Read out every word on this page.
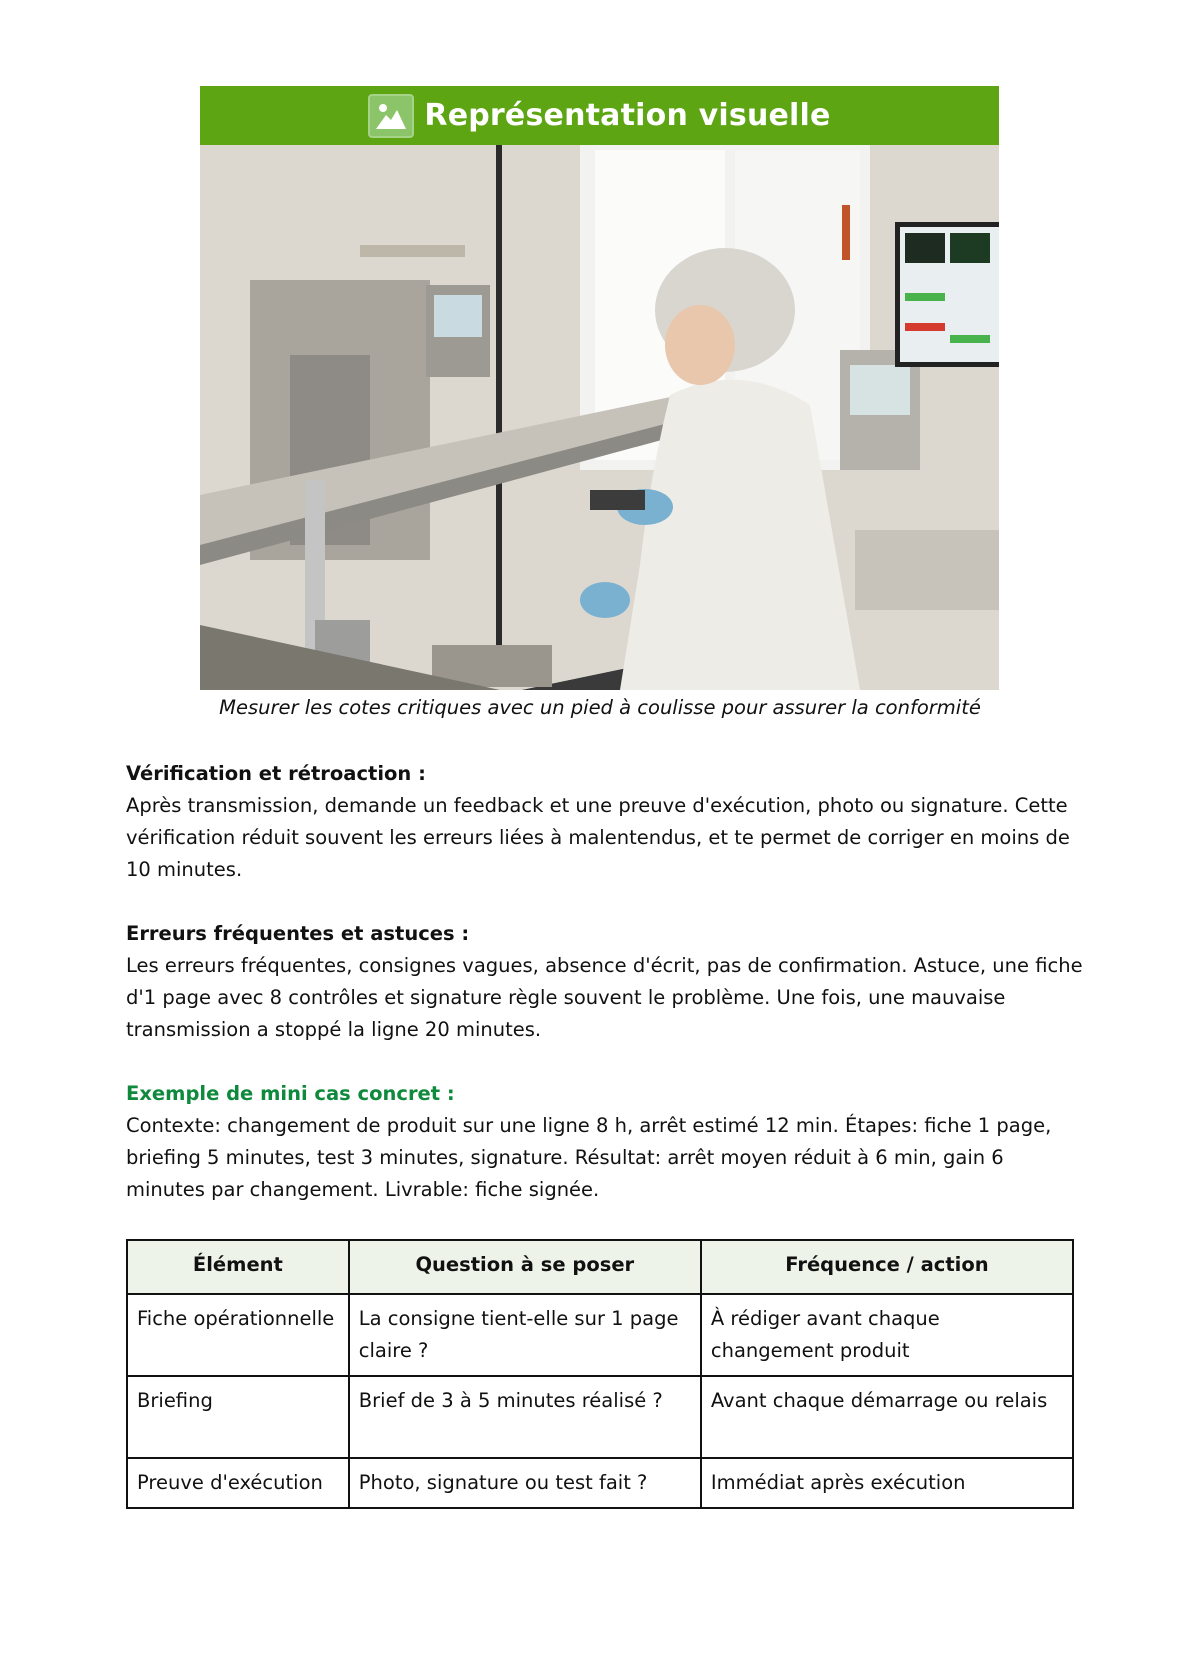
Représentation visuelle
Mesurer les cotes critiques avec un pied à coulisse pour assurer la conformité
Vérification et rétroaction :
Après transmission, demande un feedback et une preuve d'exécution, photo ou signature. Cette vérification réduit souvent les erreurs liées à malentendus, et te permet de corriger en moins de 10 minutes.
Erreurs fréquentes et astuces :
Les erreurs fréquentes, consignes vagues, absence d'écrit, pas de confirmation. Astuce, une fiche d'1 page avec 8 contrôles et signature règle souvent le problème. Une fois, une mauvaise transmission a stoppé la ligne 20 minutes.
Exemple de mini cas concret :
Contexte: changement de produit sur une ligne 8 h, arrêt estimé 12 min. Étapes: fiche 1 page, briefing 5 minutes, test 3 minutes, signature. Résultat: arrêt moyen réduit à 6 min, gain 6 minutes par changement. Livrable: fiche signée.
Élément	Question à se poser	Fréquence / action
Fiche opérationnelle	La consigne tient-elle sur 1 page claire ?	À rédiger avant chaque changement produit
Briefing	Brief de 3 à 5 minutes réalisé ?	Avant chaque démarrage ou relais
Preuve d'exécution	Photo, signature ou test fait ?	Immédiat après exécution
